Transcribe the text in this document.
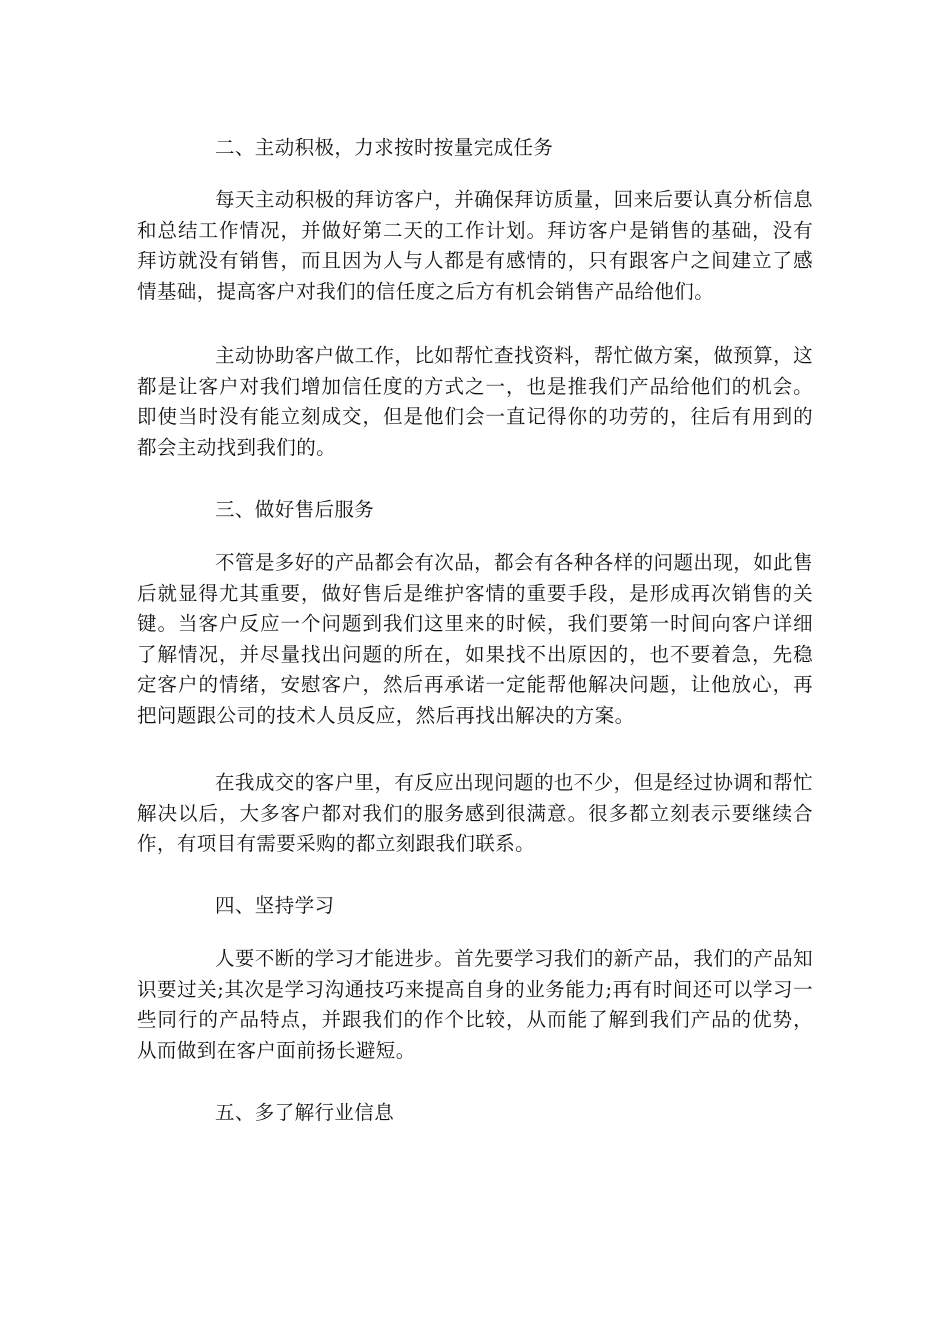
二、主动积极，力求按时按量完成任务

每天主动积极的拜访客户，并确保拜访质量，回来后要认真分析信息和总结工作情况，并做好第二天的工作计划。拜访客户是销售的基础，没有拜访就没有销售，而且因为人与人都是有感情的，只有跟客户之间建立了感情基础，提高客户对我们的信任度之后方有机会销售产品给他们。

主动协助客户做工作，比如帮忙查找资料，帮忙做方案，做预算，这都是让客户对我们增加信任度的方式之一，也是推我们产品给他们的机会。即使当时没有能立刻成交，但是他们会一直记得你的功劳的，往后有用到的都会主动找到我们的。

三、做好售后服务

不管是多好的产品都会有次品，都会有各种各样的问题出现，如此售后就显得尤其重要，做好售后是维护客情的重要手段，是形成再次销售的关键。当客户反应一个问题到我们这里来的时候，我们要第一时间向客户详细了解情况，并尽量找出问题的所在，如果找不出原因的，也不要着急，先稳定客户的情绪，安慰客户，然后再承诺一定能帮他解决问题，让他放心，再把问题跟公司的技术人员反应，然后再找出解决的方案。

在我成交的客户里，有反应出现问题的也不少，但是经过协调和帮忙解决以后，大多客户都对我们的服务感到很满意。很多都立刻表示要继续合作，有项目有需要采购的都立刻跟我们联系。

四、坚持学习

人要不断的学习才能进步。首先要学习我们的新产品，我们的产品知识要过关;其次是学习沟通技巧来提高自身的业务能力;再有时间还可以学习一些同行的产品特点，并跟我们的作个比较，从而能了解到我们产品的优势，从而做到在客户面前扬长避短。

五、多了解行业信息
